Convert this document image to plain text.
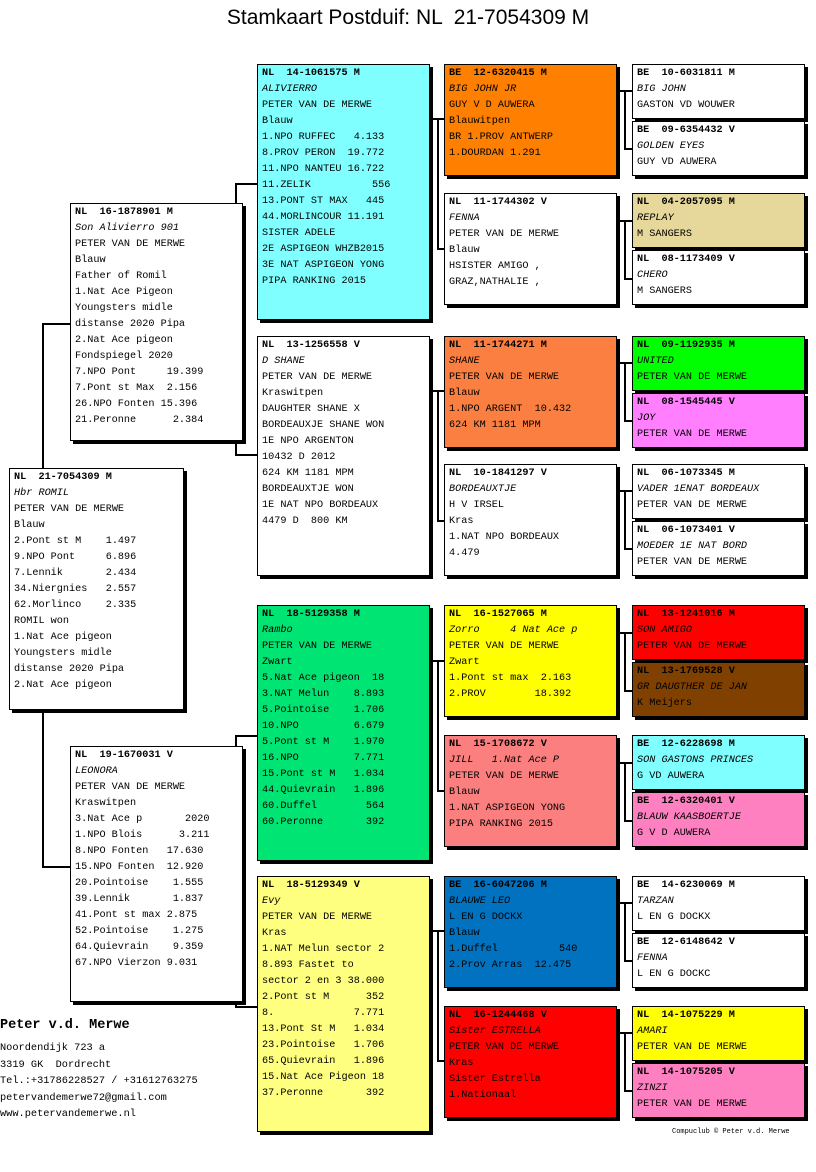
Stamkaart Postduif: NL  21-7054309 M
NL  21-7054309 M
Hbr ROMIL
PETER VAN DE MERWE
Blauw
2.Pont st M    1.497
9.NPO Pont     6.896
7.Lennik       2.434
34.Niergnies   2.557
62.Morlinco    2.335
ROMIL won
1.Nat Ace pigeon
Youngsters midle
distanse 2020 Pipa
2.Nat Ace pigeon
NL  16-1878901 M
Son Alivierro 901
PETER VAN DE MERWE
Blauw
Father of Romil
1.Nat Ace Pigeon
Youngsters midle
distanse 2020 Pipa
2.Nat Ace pigeon
Fondspiegel 2020
7.NPO Pont     19.399
7.Pont st Max  2.156
26.NPO Fonten 15.396
21.Peronne      2.384
NL  19-1670031 V
LEONORA
PETER VAN DE MERWE
Kraswitpen
3.Nat Ace p       2020
1.NPO Blois      3.211
8.NPO Fonten   17.630
15.NPO Fonten  12.920
20.Pointoise    1.555
39.Lennik       1.837
41.Pont st max 2.875
52.Pointoise    1.275
64.Quievrain    9.359
67.NPO Vierzon 9.031
NL  14-1061575 M
ALIVIERRO
PETER VAN DE MERWE
Blauw
1.NPO RUFFEC   4.133
8.PROV PERON  19.772
11.NPO NANTEU 16.722
11.ZELIK          556
13.PONT ST MAX   445
44.MORLINCOUR 11.191
SISTER ADELE
2E ASPIGEON WHZB2015
3E NAT ASPIGEON YONG
PIPA RANKING 2015
NL  13-1256558 V
D SHANE
PETER VAN DE MERWE
Kraswitpen
DAUGHTER SHANE X
BORDEAUXJE SHANE WON
1E NPO ARGENTON
10432 D 2012
624 KM 1181 MPM
BORDEAUXTJE WON
1E NAT NPO BORDEAUX
4479 D  800 KM
NL  18-5129358 M
Rambo
PETER VAN DE MERWE
Zwart
5.Nat Ace pigeon  18
3.NAT Melun    8.893
5.Pointoise    1.706
10.NPO         6.679
5.Pont st M    1.970
16.NPO         7.771
15.Pont st M   1.034
44.Quievrain   1.896
60.Duffel        564
60.Peronne       392
NL  18-5129349 V
Evy
PETER VAN DE MERWE
Kras
1.NAT Melun sector 2
8.893 Fastet to
sector 2 en 3 38.000
2.Pont st M      352
8.             7.771
13.Pont St M   1.034
23.Pointoise   1.706
65.Quievrain   1.896
15.Nat Ace Pigeon 18
37.Peronne       392
BE  12-6320415 M
BIG JOHN JR
GUY V D AUWERA
Blauwitpen
BR 1.PROV ANTWERP
1.DOURDAN 1.291
NL  11-1744302 V
FENNA
PETER VAN DE MERWE
Blauw
HSISTER AMIGO ,
GRAZ,NATHALIE ,
NL  11-1744271 M
SHANE
PETER VAN DE MERWE
Blauw
1.NPO ARGENT  10.432
624 KM 1181 MPM
NL  10-1841297 V
BORDEAUXTJE
H V IRSEL
Kras
1.NAT NPO BORDEAUX
4.479
NL  16-1527065 M
Zorro     4 Nat Ace p
PETER VAN DE MERWE
Zwart
1.Pont st max  2.163
2.PROV        18.392
NL  15-1708672 V
JILL   1.Nat Ace P
PETER VAN DE MERWE
Blauw
1.NAT ASPIGEON YONG
PIPA RANKING 2015
BE  16-6047206 M
BLAUWE LEO
L EN G DOCKX
Blauw
1.Duffel          540
2.Prov Arras  12.475
NL  16-1244468 V
Sister ESTRELLA
PETER VAN DE MERWE
Kras
Sister Estrella
1.Nationaal
BE  10-6031811 M
BIG JOHN
GASTON VD WOUWER
BE  09-6354432 V
GOLDEN EYES
GUY VD AUWERA
NL  04-2057095 M
REPLAY
M SANGERS
NL  08-1173409 V
CHERO
M SANGERS
NL  09-1192935 M
UNITED
PETER VAN DE MERWE
NL  08-1545445 V
JOY
PETER VAN DE MERWE
NL  06-1073345 M
VADER 1ENAT BORDEAUX
PETER VAN DE MERWE
NL  06-1073401 V
MOEDER 1E NAT BORD
PETER VAN DE MERWE
NL  13-1241016 M
SON AMIGO
PETER VAN DE MERWE
NL  13-1769528 V
GR DAUGTHER DE JAN
K Meijers
BE  12-6228698 M
SON GASTONS PRINCES
G VD AUWERA
BE  12-6320401 V
BLAUW KAASBOERTJE
G V D AUWERA
BE  14-6230069 M
TARZAN
L EN G DOCKX
BE  12-6148642 V
FENNA
L EN G DOCKC
NL  14-1075229 M
AMARI
PETER VAN DE MERWE
NL  14-1075205 V
ZINZI
PETER VAN DE MERWE
Peter v.d. Merwe
Noordendijk 723 a
3319 GK  Dordrecht
Tel.:+31786228527 / +31612763275
petervandemerwe72@gmail.com
www.petervandemerwe.nl
Compuclub © Peter v.d. Merwe
